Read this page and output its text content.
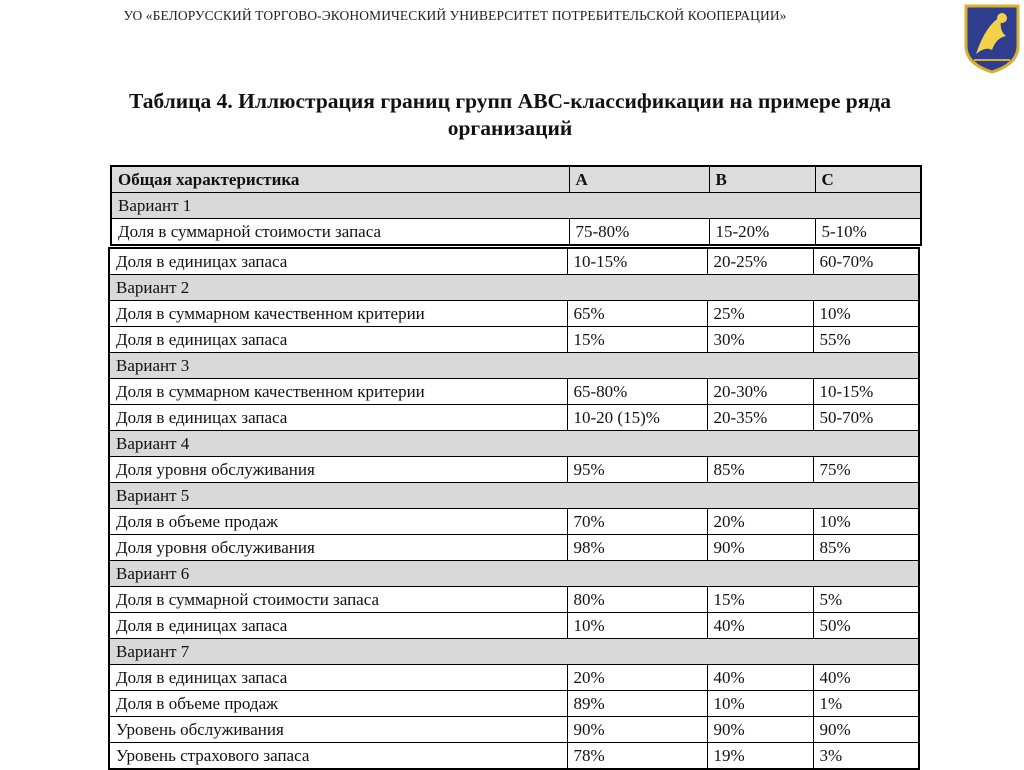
УО «БЕЛОРУССКИЙ ТОРГОВО-ЭКОНОМИЧЕСКИЙ УНИВЕРСИТЕТ ПОТРЕБИТЕЛЬСКОЙ КООПЕРАЦИИ»
Таблица 4. Иллюстрация границ групп ABC-классификации на примере ряда
организаций
Общая характеристика	A	B	C
Вариант 1			
Доля в суммарной стоимости запаса	75-80%	15-20%	5-10%
Доля в единицах запаса	10-15%	20-25%	60-70%
Вариант 2			
Доля в суммарном качественном критерии	65%	25%	10%
Доля в единицах запаса	15%	30%	55%
Вариант 3			
Доля в суммарном качественном критерии	65-80%	20-30%	10-15%
Доля в единицах запаса	10-20 (15)%	20-35%	50-70%
Вариант 4			
Доля уровня обслуживания	95%	85%	75%
Вариант 5			
Доля в объеме продаж	70%	20%	10%
Доля уровня обслуживания	98%	90%	85%
Вариант 6			
Доля в суммарной стоимости запаса	80%	15%	5%
Доля в единицах запаса	10%	40%	50%
Вариант 7			
Доля в единицах запаса	20%	40%	40%
Доля в объеме продаж	89%	10%	1%
Уровень обслуживания	90%	90%	90%
Уровень страхового запаса	78%	19%	3%
